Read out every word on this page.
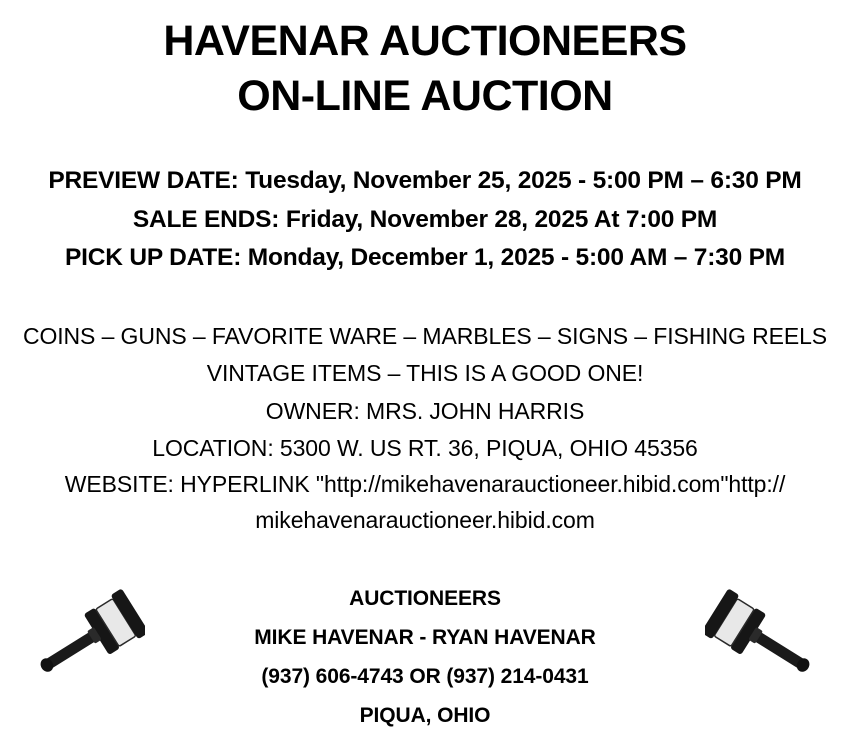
HAVENAR AUCTIONEERS
ON-LINE AUCTION
PREVIEW DATE: Tuesday, November 25, 2025 - 5:00 PM – 6:30 PM
SALE ENDS: Friday, November 28, 2025 At 7:00 PM
PICK UP DATE: Monday, December 1, 2025 - 5:00 AM – 7:30 PM
COINS – GUNS – FAVORITE WARE – MARBLES – SIGNS – FISHING REELS
VINTAGE ITEMS – THIS IS A GOOD ONE!
OWNER: MRS. JOHN HARRIS
LOCATION: 5300 W. US RT. 36, PIQUA, OHIO 45356
WEBSITE: HYPERLINK "http://mikehavenarauctioneer.hibid.com"http://
mikehavenarauctioneer.hibid.com
AUCTIONEERS
MIKE HAVENAR - RYAN HAVENAR
(937) 606-4743 OR (937) 214-0431
PIQUA, OHIO
